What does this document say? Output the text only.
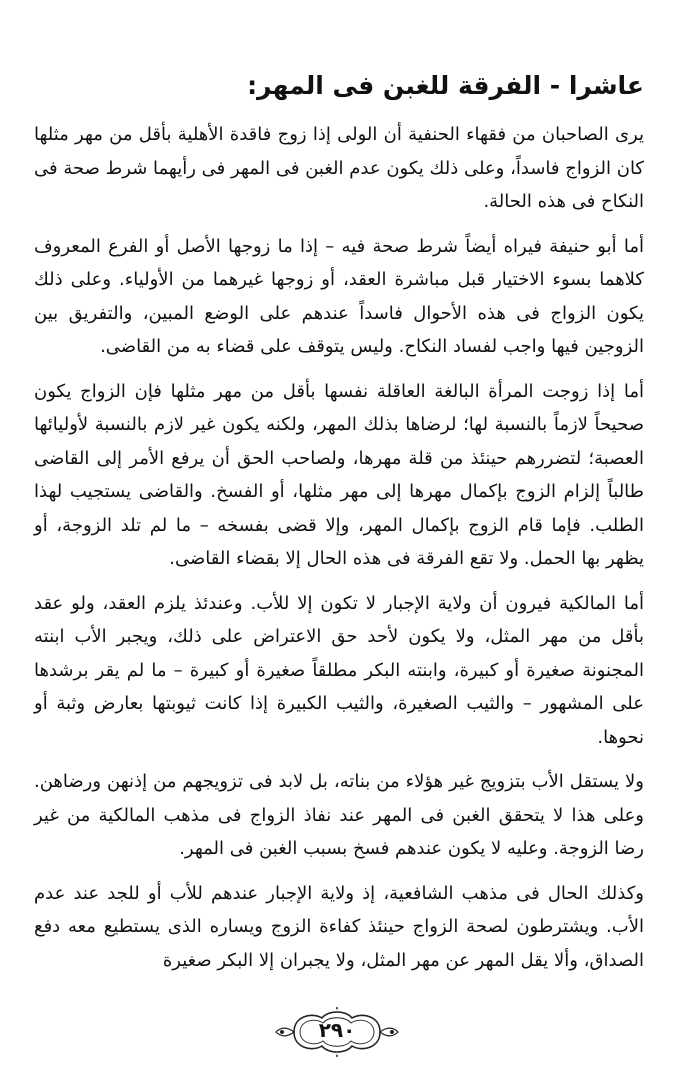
عاشرا - الفرقة للغبن فى المهر:

يرى الصاحبان من فقهاء الحنفية أن الولى إذا زوج فاقدة الأهلية بأقل من مهر مثلها كان الزواج فاسداً، وعلى ذلك يكون عدم الغبن فى المهر فى رأيهما شرط صحة فى النكاح فى هذه الحالة.

أما أبو حنيفة فيراه أيضاً شرط صحة فيه – إذا ما زوجها الأصل أو الفرع المعروف كلاهما بسوء الاختيار قبل مباشرة العقد، أو زوجها غيرهما من الأولياء. وعلى ذلك يكون الزواج فى هذه الأحوال فاسداً عندهم على الوضع المبين، والتفريق بين الزوجين فيها واجب لفساد النكاح. وليس يتوقف على قضاء به من القاضى.

أما إذا زوجت المرأة البالغة العاقلة نفسها بأقل من مهر مثلها فإن الزواج يكون صحيحاً لازماً بالنسبة لها؛ لرضاها بذلك المهر، ولكنه يكون غير لازم بالنسبة لأوليائها العصبة؛ لتضررهم حينئذ من قلة مهرها، ولصاحب الحق أن يرفع الأمر إلى القاضى طالباً إلزام الزوج بإكمال مهرها إلى مهر مثلها، أو الفسخ. والقاضى يستجيب لهذا الطلب. فإما قام الزوج بإكمال المهر، وإلا قضى بفسخه – ما لم تلد الزوجة، أو يظهر بها الحمل. ولا تقع الفرقة فى هذه الحال إلا بقضاء القاضى.

أما المالكية فيرون أن ولاية الإجبار لا تكون إلا للأب. وعندئذ يلزم العقد، ولو عقد بأقل من مهر المثل، ولا يكون لأحد حق الاعتراض على ذلك، ويجبر الأب ابنته المجنونة صغيرة أو كبيرة، وابنته البكر مطلقاً صغيرة أو كبيرة – ما لم يقر برشدها على المشهور – والثيب الصغيرة، والثيب الكبيرة إذا كانت ثيوبتها بعارض وثبة أو نحوها.

ولا يستقل الأب بتزويج غير هؤلاء من بناته، بل لابد فى تزويجهم من إذنهن ورضاهن. وعلى هذا لا يتحقق الغبن فى المهر عند نفاذ الزواج فى مذهب المالكية من غير رضا الزوجة. وعليه لا يكون عندهم فسخ بسبب الغبن فى المهر.

وكذلك الحال فى مذهب الشافعية، إذ ولاية الإجبار عندهم للأب أو للجد عند عدم الأب. ويشترطون لصحة الزواج حينئذ كفاءة الزوج ويساره الذى يستطيع معه دفع الصداق، وألا يقل المهر عن مهر المثل، ولا يجبران إلا البكر صغيرة

٢٩٠
